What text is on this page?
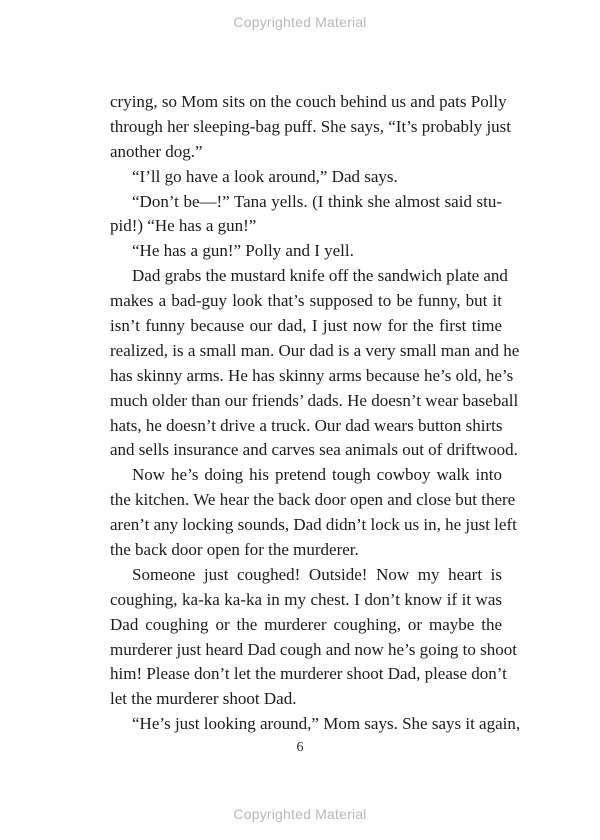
Copyrighted Material
crying, so Mom sits on the couch behind us and pats Polly
through her sleeping-bag puff. She says, “It’s probably just
another dog.”
“I’ll go have a look around,” Dad says.
“Don’t be—!” Tana yells. (I think she almost said stu-
pid!) “He has a gun!”
“He has a gun!” Polly and I yell.
Dad grabs the mustard knife off the sandwich plate and
makes a bad-guy look that’s supposed to be funny, but it
isn’t funny because our dad, I just now for the first time
realized, is a small man. Our dad is a very small man and he
has skinny arms. He has skinny arms because he’s old, he’s
much older than our friends’ dads. He doesn’t wear baseball
hats, he doesn’t drive a truck. Our dad wears button shirts
and sells insurance and carves sea animals out of driftwood.
Now he’s doing his pretend tough cowboy walk into
the kitchen. We hear the back door open and close but there
aren’t any locking sounds, Dad didn’t lock us in, he just left
the back door open for the murderer.
Someone just coughed! Outside! Now my heart is
coughing, ka-ka ka-ka in my chest. I don’t know if it was
Dad coughing or the murderer coughing, or maybe the
murderer just heard Dad cough and now he’s going to shoot
him! Please don’t let the murderer shoot Dad, please don’t
let the murderer shoot Dad.
“He’s just looking around,” Mom says. She says it again,
6
Copyrighted Material
